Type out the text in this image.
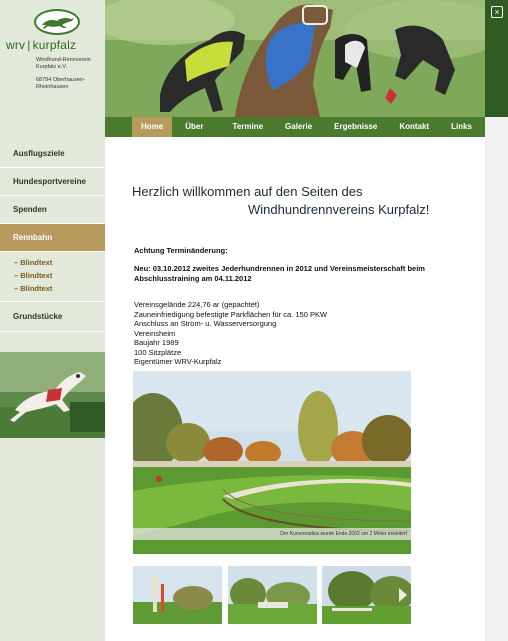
wrv | kurpfalz
Windhund-Rennverein Kurpfalz e.V.
68794 Oberhausen-Rheinhausen
Ausflugsziele
Hundesportvereine
Spenden
Rennbahn
– Blindtext
– Blindtext
– Blindtext
Grundstücke
×
Home	Über	Termine	Galerie	Ergebnisse	Kontakt	Links
Herzlich willkommen auf den Seiten des
Windhundrennvereins Kurpfalz!
Achtung Terminänderung:
Neu: 03.10.2012 zweites Jederhundrennen in 2012 und Vereinsmeisterschaft beim Abschlusstraining am 04.11.2012
Vereinsgelände 224,76 ar (gepachtet)
Zauneinfriedigung befestigte Parkflächen für ca. 150 PKW
Anschluss an Strom- u. Wasserversorgung
Vereinsheim
Baujahr 1989
100 Sitzplätze
Eigentümer WRV-Kurpfalz
Der Kurvenradius wurde Ende 2002 um 2 Meter erweitert
